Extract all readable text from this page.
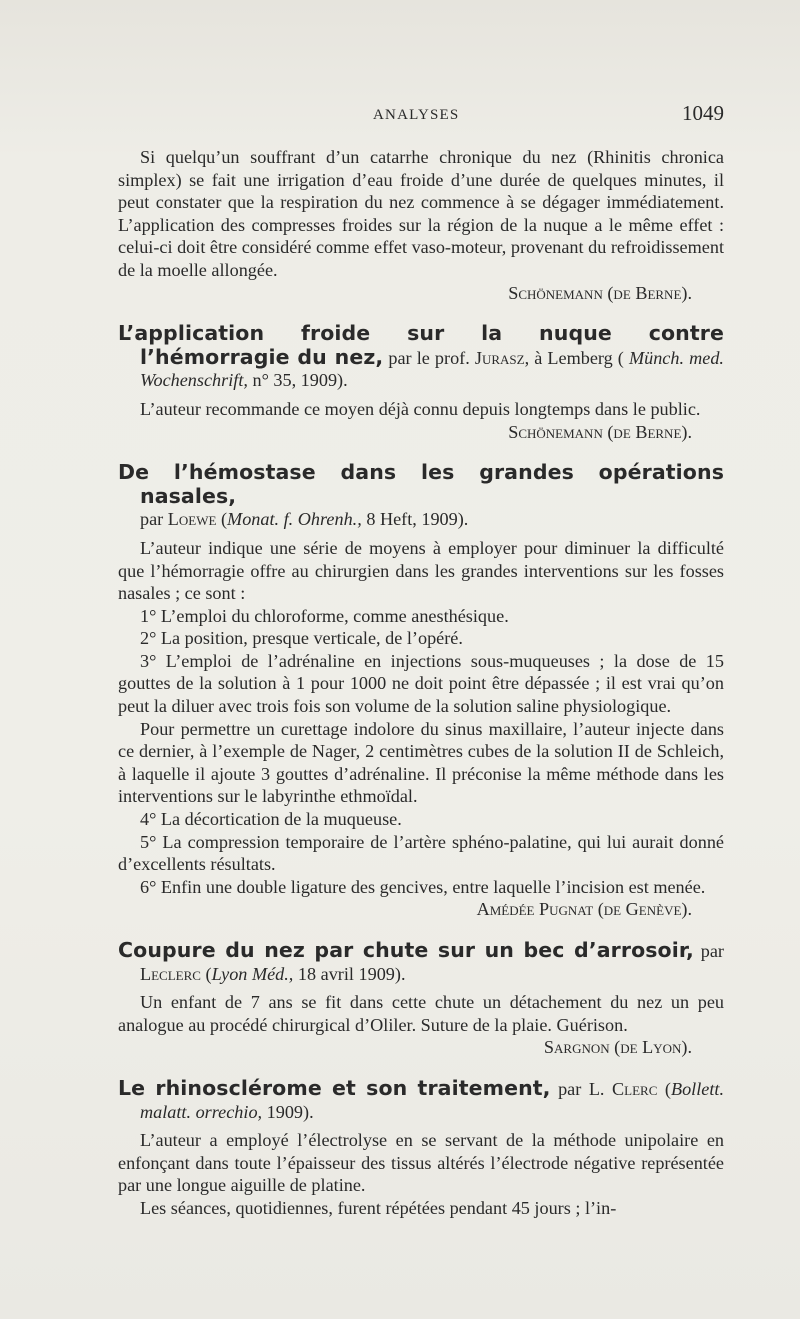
ANALYSES	1049

Si quelqu’un souffrant d’un catarrhe chronique du nez (Rhinitis chronica simplex) se fait une irrigation d’eau froide d’une durée de quelques minutes, il peut constater que la respiration du nez commence à se dégager immédiatement. L’application des compresses froides sur la région de la nuque a le même effet : celui-ci doit être considéré comme effet vaso-moteur, provenant du refroidissement de la moelle allongée.

Schönemann (de Berne).

L’application froide sur la nuque contre l’hémorragie du nez, par le prof. Jurasz, à Lemberg ( Münch. med. Wochenschrift, n° 35, 1909).

L’auteur recommande ce moyen déjà connu depuis longtemps dans le public.

Schönemann (de Berne).

De l’hémostase dans les grandes opérations nasales,
par Loewe (Monat. f. Ohrenh., 8 Heft, 1909).

L’auteur indique une série de moyens à employer pour diminuer la difficulté que l’hémorragie offre au chirurgien dans les grandes interventions sur les fosses nasales ; ce sont :

1° L’emploi du chloroforme, comme anesthésique.

2° La position, presque verticale, de l’opéré.

3° L’emploi de l’adrénaline en injections sous-muqueuses ; la dose de 15 gouttes de la solution à 1 pour 1000 ne doit point être dépassée ; il est vrai qu’on peut la diluer avec trois fois son volume de la solution saline physiologique.

Pour permettre un curettage indolore du sinus maxillaire, l’auteur injecte dans ce dernier, à l’exemple de Nager, 2 centimètres cubes de la solution II de Schleich, à laquelle il ajoute 3 gouttes d’adrénaline. Il préconise la même méthode dans les interventions sur le labyrinthe ethmoïdal.

4° La décortication de la muqueuse.

5° La compression temporaire de l’artère sphéno-palatine, qui lui aurait donné d’excellents résultats.

6° Enfin une double ligature des gencives, entre laquelle l’incision est menée.

Amédée Pugnat (de Genève).

Coupure du nez par chute sur un bec d’arrosoir, par Leclerc (Lyon Méd., 18 avril 1909).

Un enfant de 7 ans se fit dans cette chute un détachement du nez un peu analogue au procédé chirurgical d’Oliler. Suture de la plaie. Guérison.

Sargnon (de Lyon).

Le rhinosclérome et son traitement, par L. Clerc (Bollett. malatt. orrechio, 1909).

L’auteur a employé l’électrolyse en se servant de la méthode unipolaire en enfonçant dans toute l’épaisseur des tissus altérés l’électrode négative représentée par une longue aiguille de platine.

Les séances, quotidiennes, furent répétées pendant 45 jours ; l’in-
